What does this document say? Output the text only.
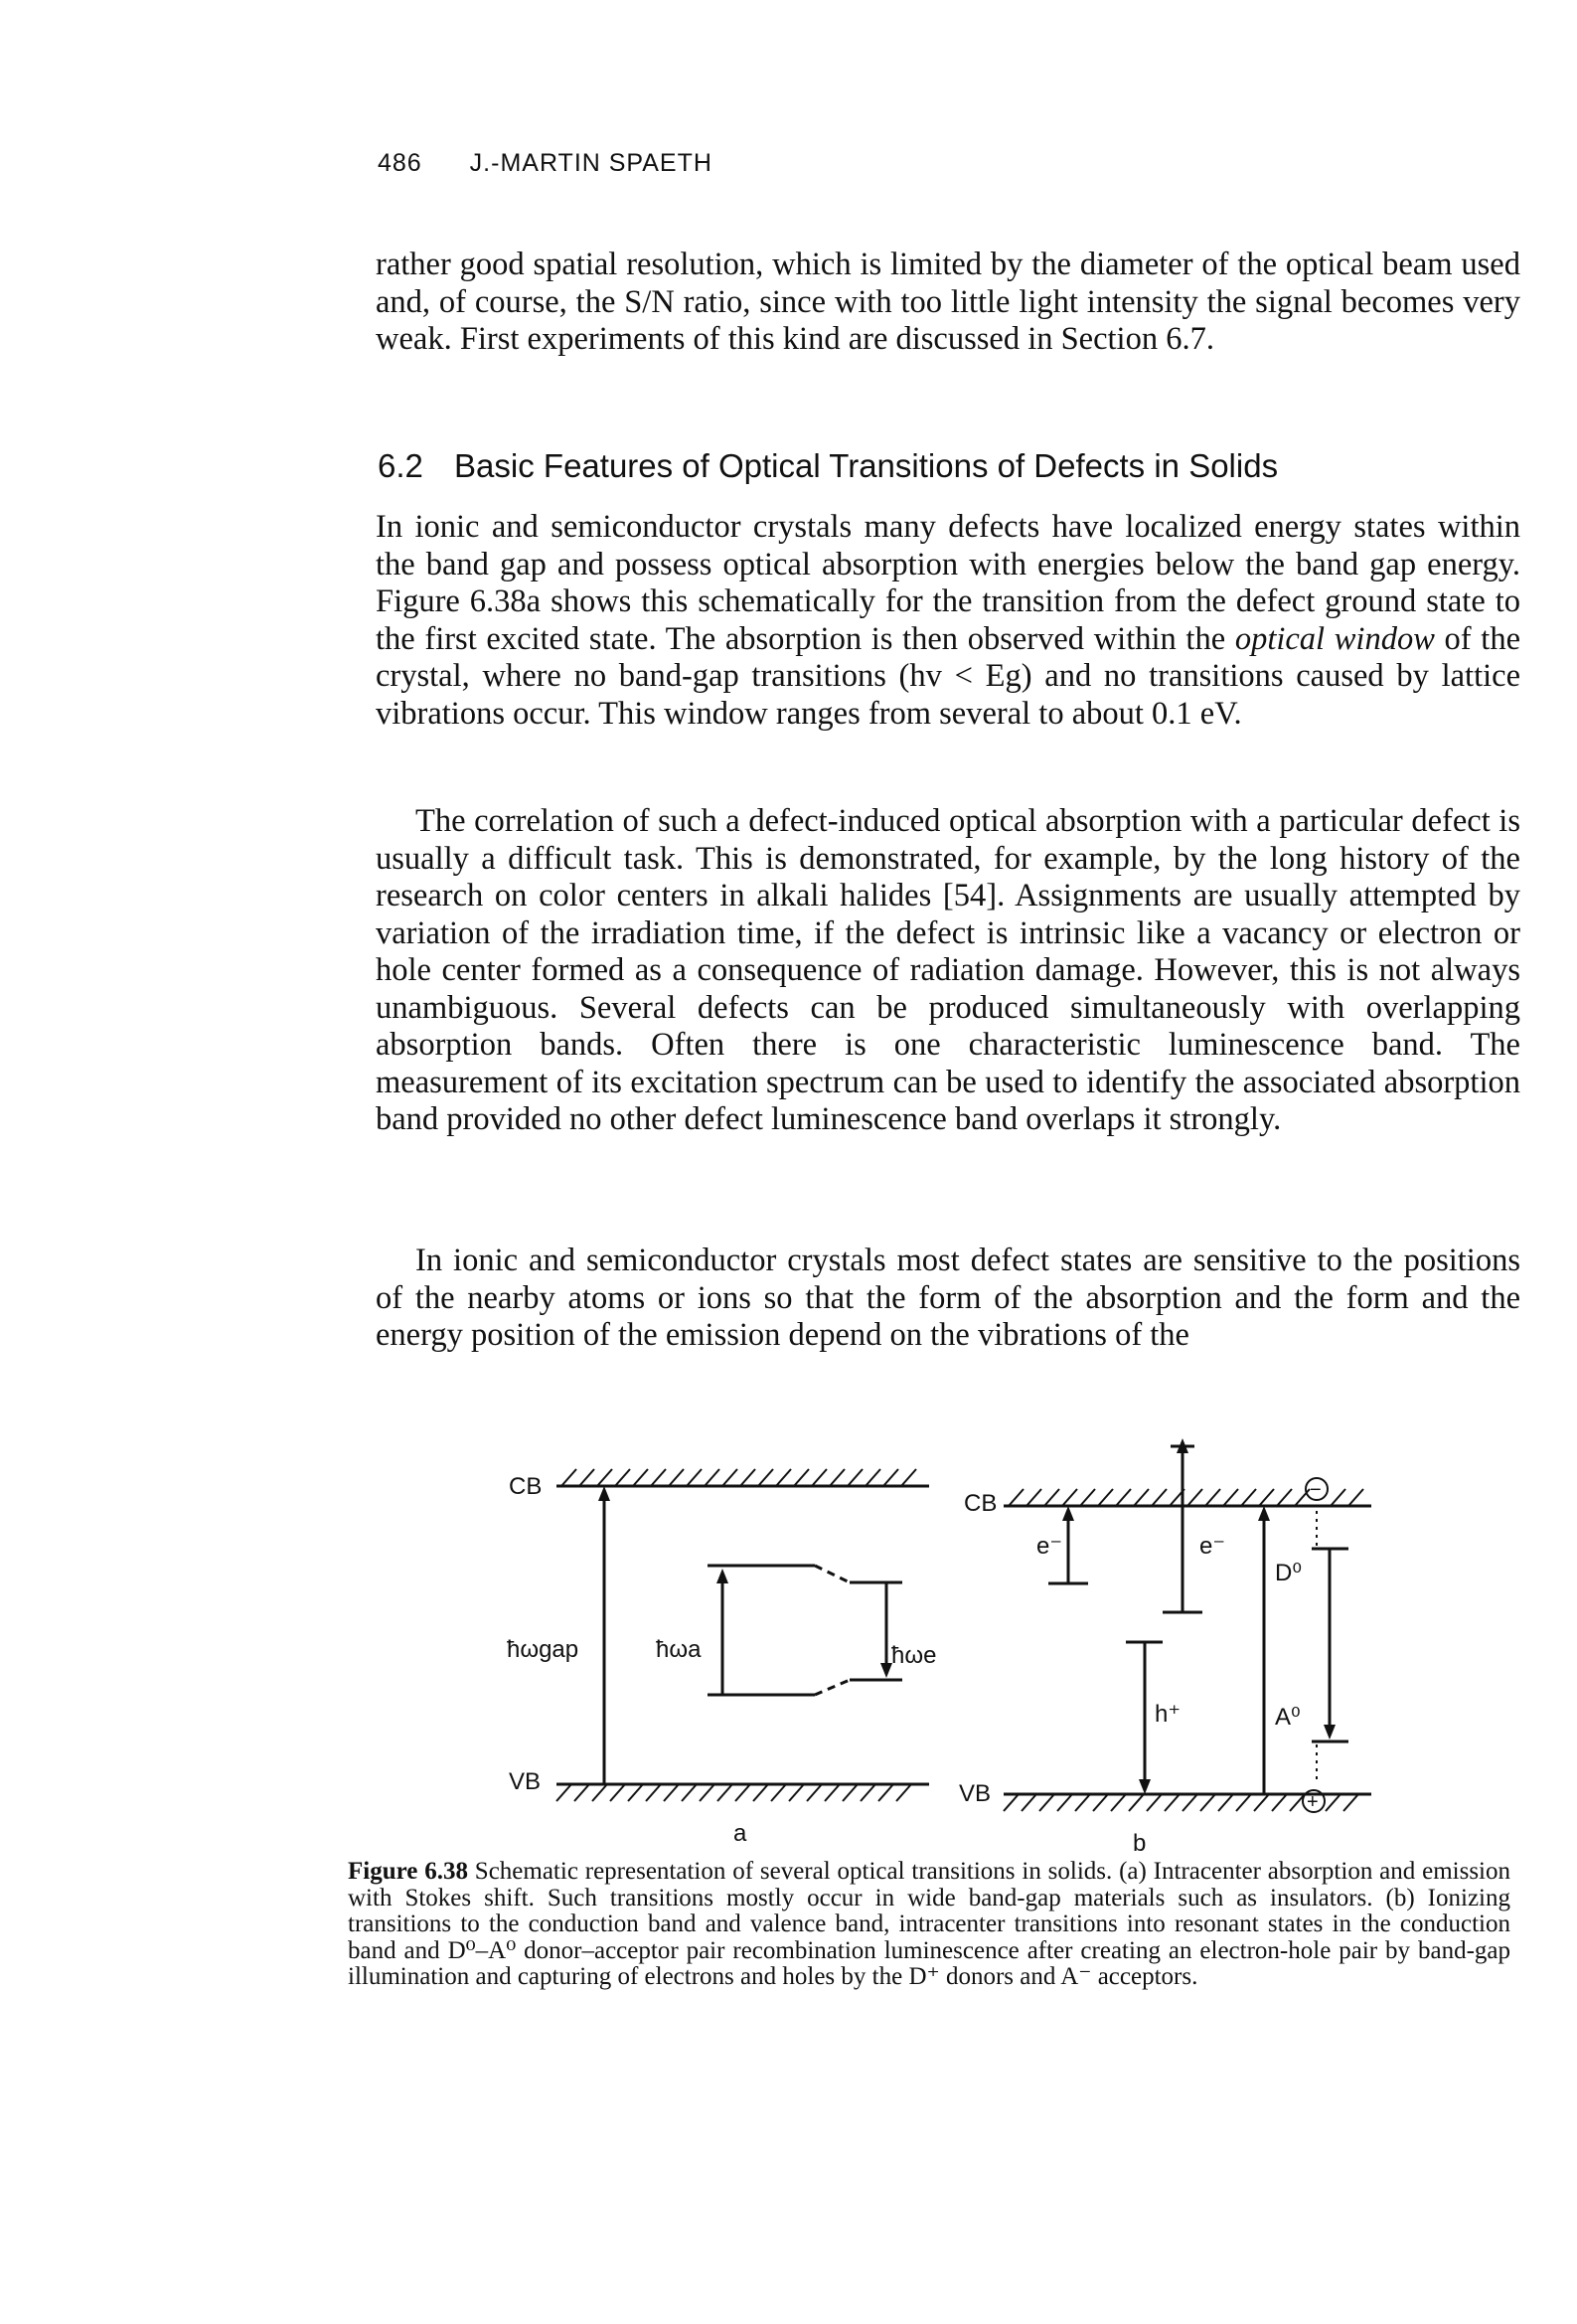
486 J.-MARTIN SPAETH
rather good spatial resolution, which is limited by the diameter of the optical beam used and, of course, the S/N ratio, since with too little light intensity the signal becomes very weak. First experiments of this kind are discussed in Section 6.7.
6.2 Basic Features of Optical Transitions of Defects in Solids
In ionic and semiconductor crystals many defects have localized energy states within the band gap and possess optical absorption with energies below the band gap energy. Figure 6.38a shows this schematically for the transition from the defect ground state to the first excited state. The absorption is then observed within the optical window of the crystal, where no band-gap transitions (hv < Eg) and no transitions caused by lattice vibrations occur. This window ranges from several to about 0.1 eV.
The correlation of such a defect-induced optical absorption with a particular defect is usually a difficult task. This is demonstrated, for example, by the long history of the research on color centers in alkali halides [54]. Assignments are usually attempted by variation of the irradiation time, if the defect is intrinsic like a vacancy or electron or hole center formed as a consequence of radiation damage. However, this is not always unambiguous. Several defects can be produced simultaneously with overlapping absorption bands. Often there is one characteristic luminescence band. The measurement of its excitation spectrum can be used to identify the associated absorption band provided no other defect luminescence band overlaps it strongly.
In ionic and semiconductor crystals most defect states are sensitive to the positions of the nearby atoms or ions so that the form of the absorption and the form and the energy position of the emission depend on the vibrations of the
CB
VB
ħωgap	ħωa	ħωe
a
CB
VB
e⁻	e⁻
h⁺
D⁰
A⁰
−
+
b
Figure 6.38 Schematic representation of several optical transitions in solids. (a) Intracenter absorption and emission with Stokes shift. Such transitions mostly occur in wide band-gap materials such as insulators. (b) Ionizing transitions to the conduction band and valence band, intracenter transitions into resonant states in the conduction band and D⁰–A⁰ donor–acceptor pair recombination luminescence after creating an electron-hole pair by band-gap illumination and capturing of electrons and holes by the D⁺ donors and A⁻ acceptors.
